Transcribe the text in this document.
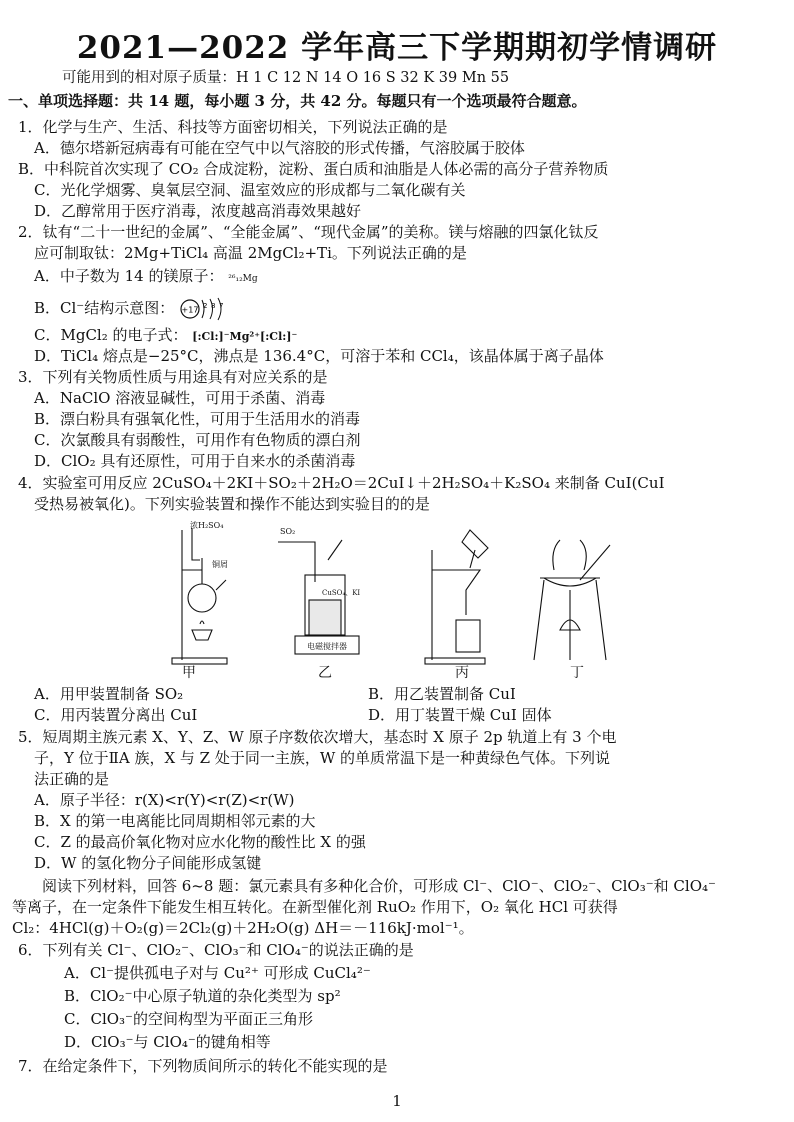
2021—2022 学年高三下学期期初学情调研
可能用到的相对原子质量：H 1 C 12 N 14 O 16 S 32 K 39 Mn 55
一、单项选择题：共 14 题，每小题 3 分，共 42 分。每题只有一个选项最符合题意。
1．化学与生产、生活、科技等方面密切相关，下列说法正确的是
A．德尔塔新冠病毒有可能在空气中以气溶胶的形式传播，气溶胶属于胶体
B．中科院首次实现了 CO₂ 合成淀粉，淀粉、蛋白质和油脂是人体必需的高分子营养物质
C．光化学烟雾、臭氧层空洞、温室效应的形成都与二氧化碳有关
D．乙醇常用于医疗消毒，浓度越高消毒效果越好
2．钛有“二十一世纪的金属”、“全能金属”、“现代金属”的美称。镁与熔融的四氯化钛反
应可制取钛：2Mg+TiCl₄ 高温 2MgCl₂+Ti。下列说法正确的是
A．中子数为 14 的镁原子： ²⁶₁₂Mg
B．Cl⁻结构示意图： +17 2 8 7
C．MgCl₂ 的电子式： [:Cl:]⁻Mg²⁺[:Cl:]⁻
D．TiCl₄ 熔点是−25°C，沸点是 136.4°C，可溶于苯和 CCl₄，该晶体属于离子晶体
3．下列有关物质性质与用途具有对应关系的是
A．NaClO 溶液显碱性，可用于杀菌、消毒
B．漂白粉具有强氧化性，可用于生活用水的消毒
C．次氯酸具有弱酸性，可用作有色物质的漂白剂
D．ClO₂ 具有还原性，可用于自来水的杀菌消毒
4．实验室可用反应 2CuSO₄＋2KI＋SO₂＋2H₂O＝2CuI↓＋2H₂SO₄＋K₂SO₄ 来制备 CuI(CuI
受热易被氧化)。下列实验装置和操作不能达到实验目的的是
浓H₂SO₄
铜屑
SO₂
CuSO₄、KI
电磁搅拌器
甲	乙	丙	丁
A．用甲装置制备 SO₂	B．用乙装置制备 CuI
C．用丙装置分离出 CuI	D．用丁装置干燥 CuI 固体
5．短周期主族元素 X、Y、Z、W 原子序数依次增大，基态时 X 原子 2p 轨道上有 3 个电
子，Y 位于ⅡA 族，X 与 Z 处于同一主族，W 的单质常温下是一种黄绿色气体。下列说
法正确的是
A．原子半径：r(X)<r(Y)<r(Z)<r(W)
B．X 的第一电离能比同周期相邻元素的大
C．Z 的最高价氧化物对应水化物的酸性比 X 的强
D．W 的氢化物分子间能形成氢键
阅读下列材料，回答 6~8 题：氯元素具有多种化合价，可形成 Cl⁻、ClO⁻、ClO₂⁻、ClO₃⁻和 ClO₄⁻
等离子，在一定条件下能发生相互转化。在新型催化剂 RuO₂ 作用下，O₂ 氧化 HCl 可获得
Cl₂：4HCl(g)＋O₂(g)＝2Cl₂(g)＋2H₂O(g) ΔH＝－116kJ·mol⁻¹。
6．下列有关 Cl⁻、ClO₂⁻、ClO₃⁻和 ClO₄⁻的说法正确的是
A．Cl⁻提供孤电子对与 Cu²⁺ 可形成 CuCl₄²⁻
B．ClO₂⁻中心原子轨道的杂化类型为 sp²
C．ClO₃⁻的空间构型为平面正三角形
D．ClO₃⁻与 ClO₄⁻的键角相等
7．在给定条件下，下列物质间所示的转化不能实现的是
1
